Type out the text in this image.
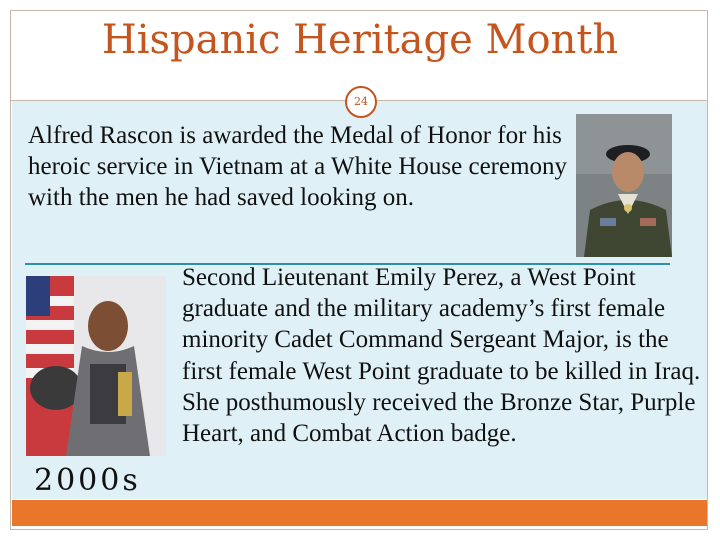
Hispanic Heritage Month
24

Alfred Rascon is awarded the Medal of Honor for his heroic service in Vietnam at a White House ceremony with the men he had saved looking on.

2000s

Second Lieutenant Emily Perez, a West Point graduate and the military academy’s first female minority Cadet Command Sergeant Major, is the first female West Point graduate to be killed in Iraq. She posthumously received the Bronze Star, Purple Heart, and Combat Action badge.
